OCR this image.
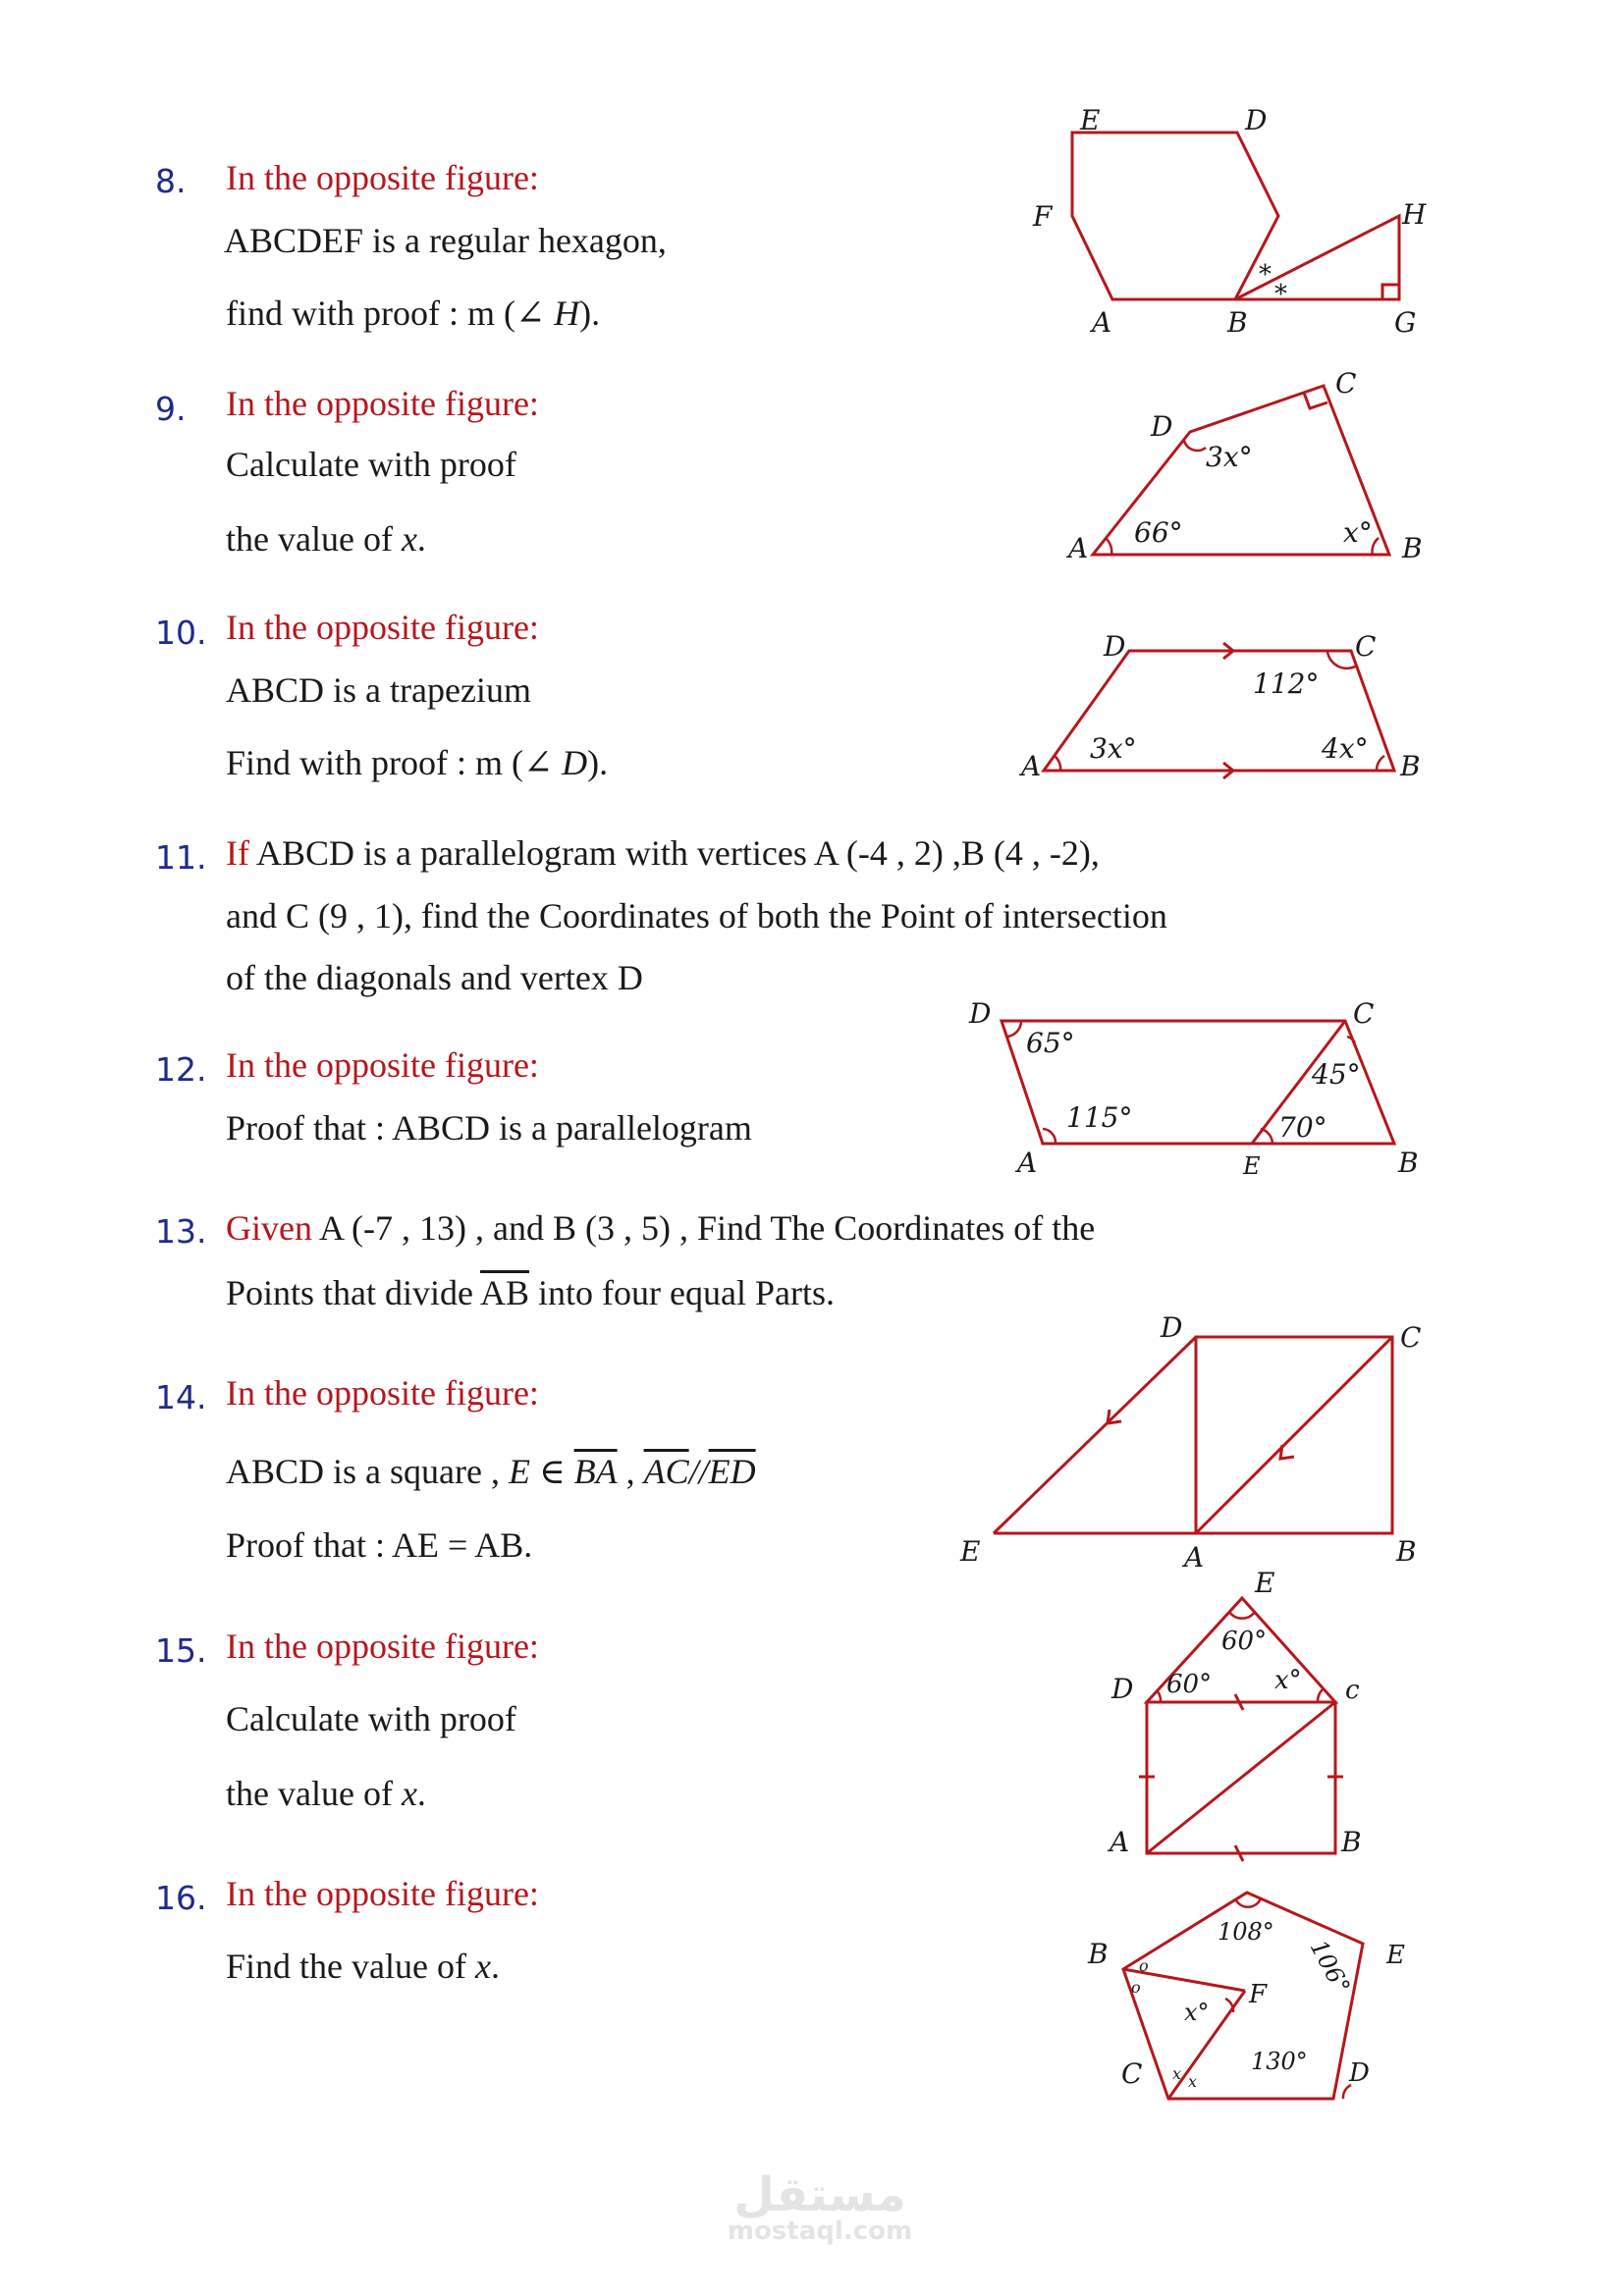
8. In the opposite figure:
ABCDEF is a regular hexagon,
find with proof : m (∠ H).
9. In the opposite figure:
Calculate with proof
the value of x.
10. In the opposite figure:
ABCD is a trapezium
Find with proof : m (∠ D).
11. If ABCD is a parallelogram with vertices A (-4 , 2) ,B (4 , -2),
and C (9 , 1), find the Coordinates of both the Point of intersection
of the diagonals and vertex D
12. In the opposite figure:
Proof that : ABCD is a parallelogram
13. Given A (-7 , 13) , and B (3 , 5) , Find The Coordinates of the
Points that divide $\overline{AB}$ into four equal Parts.
14. In the opposite figure:
ABCD is a square , E ∈ $\overline{BA}$ , $\overline{AC}//\overline{ED}$
Proof that : AE = AB.
15. In the opposite figure:
Calculate with proof
the value of x.
16. In the opposite figure:
Find the value of x.
E	D
F	H
A	B	G
*
*
C
D
A	B
3x°
66°	x°
D	C
A	B
112°
3x°	4x°
D	C
A	E	B
65°
45°
115°	70°
D	C
E	A	B
E
D	c
A	B
60°
60° x°
B	E
C	D
F
108°
106°
130°
x°
o
o
x x
مستقل
mostaql.com
